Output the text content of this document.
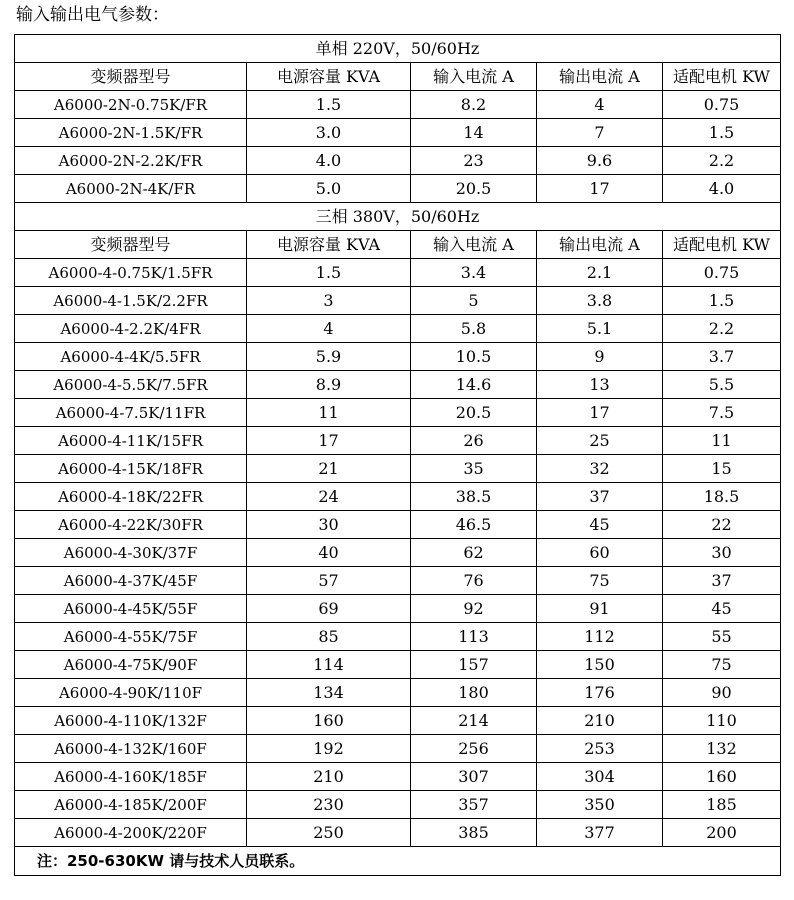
输入输出电气参数：
单相 220V，50/60Hz				
变频器型号	电源容量 KVA	输入电流 A	输出电流 A	适配电机 KW
A6000-2N-0.75K/FR	1.5	8.2	4	0.75
A6000-2N-1.5K/FR	3.0	14	7	1.5
A6000-2N-2.2K/FR	4.0	23	9.6	2.2
A6000-2N-4K/FR	5.0	20.5	17	4.0
三相 380V，50/60Hz				
变频器型号	电源容量 KVA	输入电流 A	输出电流 A	适配电机 KW
A6000-4-0.75K/1.5FR	1.5	3.4	2.1	0.75
A6000-4-1.5K/2.2FR	3	5	3.8	1.5
A6000-4-2.2K/4FR	4	5.8	5.1	2.2
A6000-4-4K/5.5FR	5.9	10.5	9	3.7
A6000-4-5.5K/7.5FR	8.9	14.6	13	5.5
A6000-4-7.5K/11FR	11	20.5	17	7.5
A6000-4-11K/15FR	17	26	25	11
A6000-4-15K/18FR	21	35	32	15
A6000-4-18K/22FR	24	38.5	37	18.5
A6000-4-22K/30FR	30	46.5	45	22
A6000-4-30K/37F	40	62	60	30
A6000-4-37K/45F	57	76	75	37
A6000-4-45K/55F	69	92	91	45
A6000-4-55K/75F	85	113	112	55
A6000-4-75K/90F	114	157	150	75
A6000-4-90K/110F	134	180	176	90
A6000-4-110K/132F	160	214	210	110
A6000-4-132K/160F	192	256	253	132
A6000-4-160K/185F	210	307	304	160
A6000-4-185K/200F	230	357	350	185
A6000-4-200K/220F	250	385	377	200
注：250-630KW 请与技术人员联系。				
